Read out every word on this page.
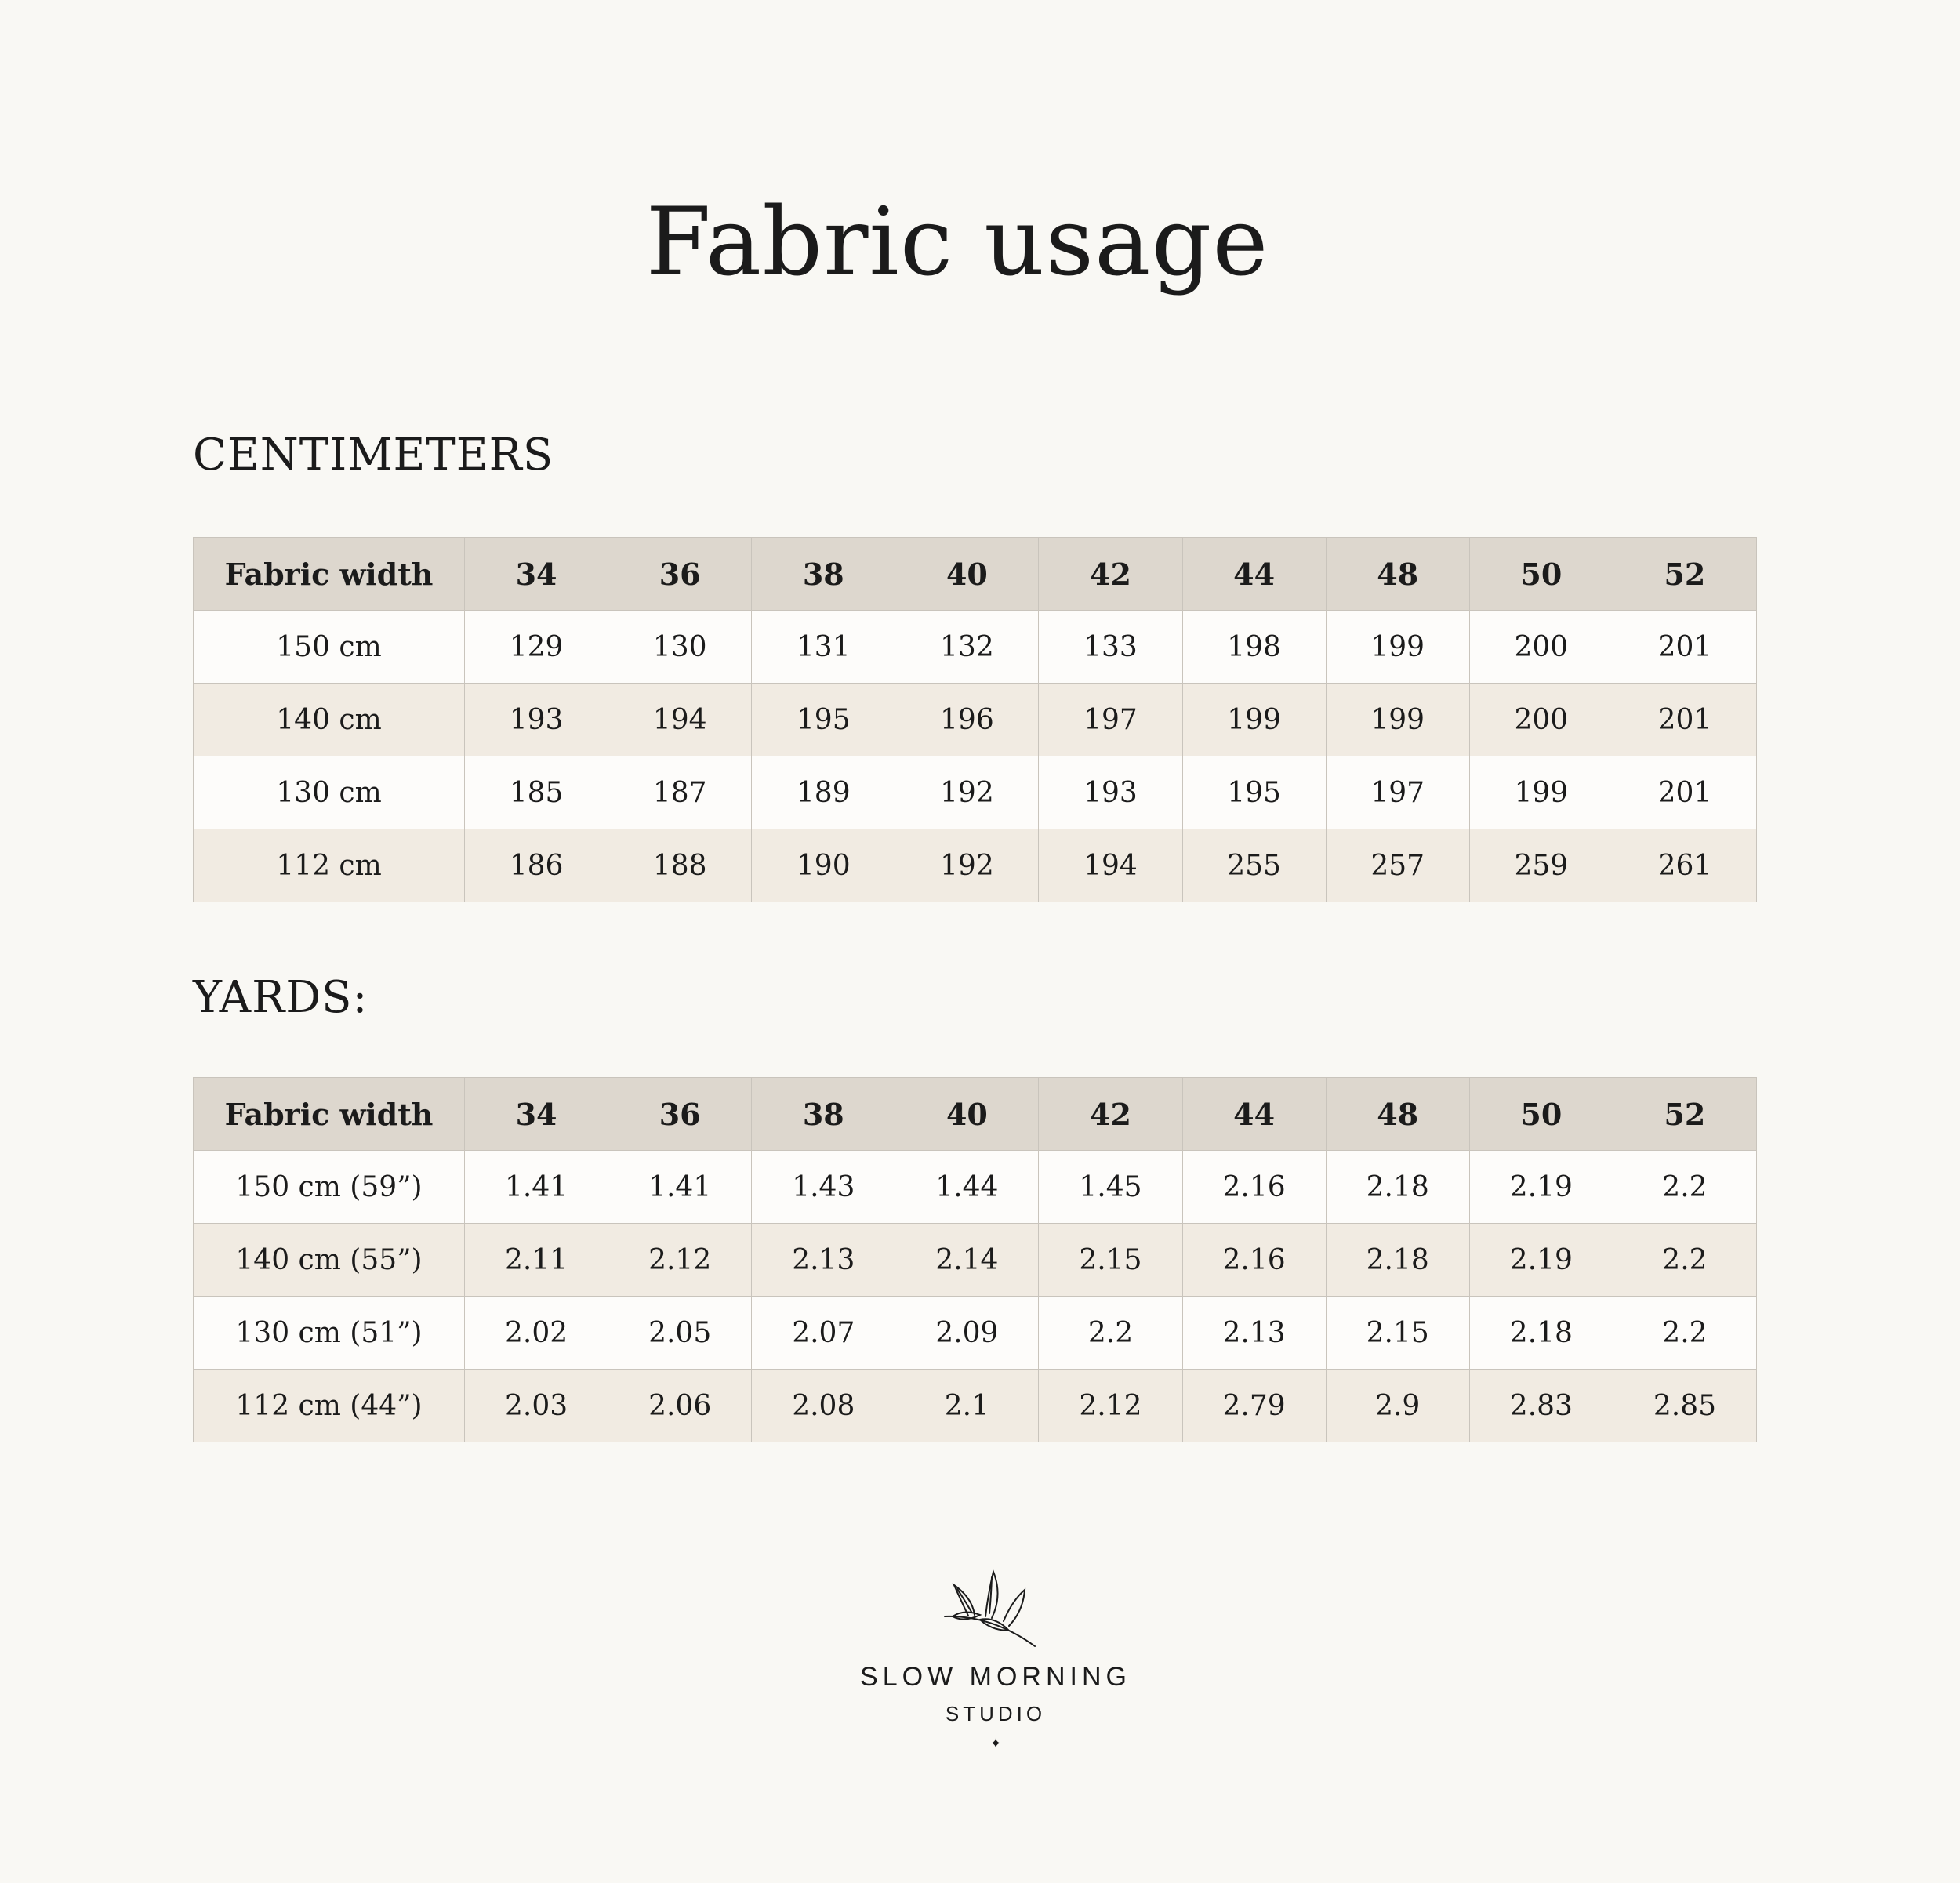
Fabric usage
CENTIMETERS
Fabric width	34	36	38	40	42	44	48	50	52
150 cm	129	130	131	132	133	198	199	200	201
140 cm	193	194	195	196	197	199	199	200	201
130 cm	185	187	189	192	193	195	197	199	201
112 cm	186	188	190	192	194	255	257	259	261
YARDS:
Fabric width	34	36	38	40	42	44	48	50	52
150 cm (59”)	1.41	1.41	1.43	1.44	1.45	2.16	2.18	2.19	2.2
140 cm (55”)	2.11	2.12	2.13	2.14	2.15	2.16	2.18	2.19	2.2
130 cm (51”)	2.02	2.05	2.07	2.09	2.2	2.13	2.15	2.18	2.2
112 cm (44”)	2.03	2.06	2.08	2.1	2.12	2.79	2.9	2.83	2.85
SLOW MORNING
STUDIO
✦
